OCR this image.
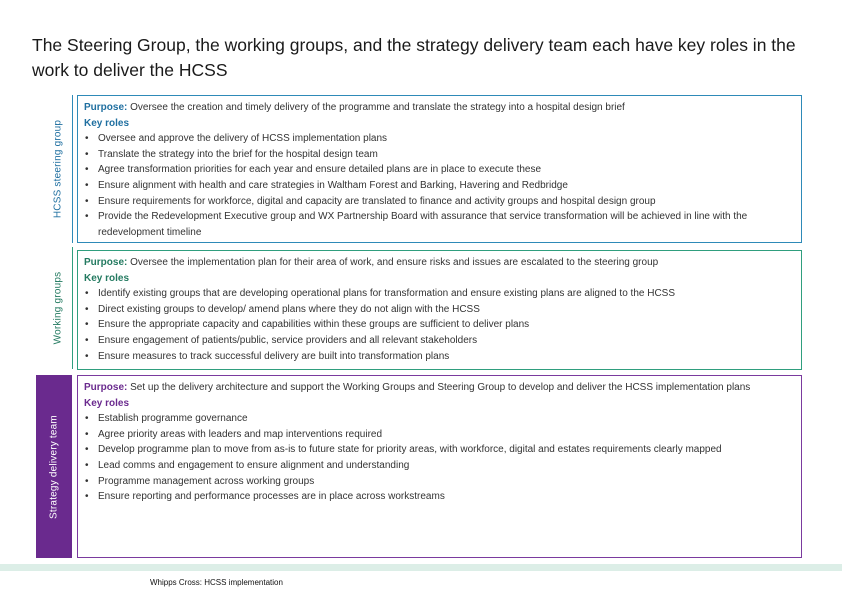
The Steering Group, the working groups, and the strategy delivery team each have key roles in the work to deliver the HCSS
HCSS steering group
Purpose: Oversee the creation and timely delivery of the programme and translate the strategy into a hospital design brief
Key roles
• Oversee and approve the delivery of HCSS implementation plans
• Translate the strategy into the brief for the hospital design team
• Agree transformation priorities for each year and ensure detailed plans are in place to execute these
• Ensure alignment with health and care strategies in Waltham Forest and Barking, Havering and Redbridge
• Ensure requirements for workforce, digital and capacity are translated to finance and activity groups and hospital design group
• Provide the Redevelopment Executive group and WX Partnership Board with assurance that service transformation will be achieved in line with the redevelopment timeline
Working groups
Purpose: Oversee the implementation plan for their area of work, and ensure risks and issues are escalated to the steering group
Key roles
• Identify existing groups that are developing operational plans for transformation and ensure existing plans are aligned to the HCSS
• Direct existing groups to develop/ amend plans where they do not align with the HCSS
• Ensure the appropriate capacity and capabilities within these groups are sufficient to deliver plans
• Ensure engagement of patients/public, service providers and all relevant stakeholders
• Ensure measures to track successful delivery are built into transformation plans
Strategy delivery team
Purpose: Set up the delivery architecture and support the Working Groups and Steering Group to develop and deliver the HCSS implementation plans
Key roles
• Establish programme governance
• Agree priority areas with leaders and map interventions required
• Develop programme plan to move from as-is to future state for priority areas, with workforce, digital and estates requirements clearly mapped
• Lead comms and engagement to ensure alignment and understanding
• Programme management across working groups
• Ensure reporting and performance processes are in place across workstreams
Whipps Cross: HCSS implementation
